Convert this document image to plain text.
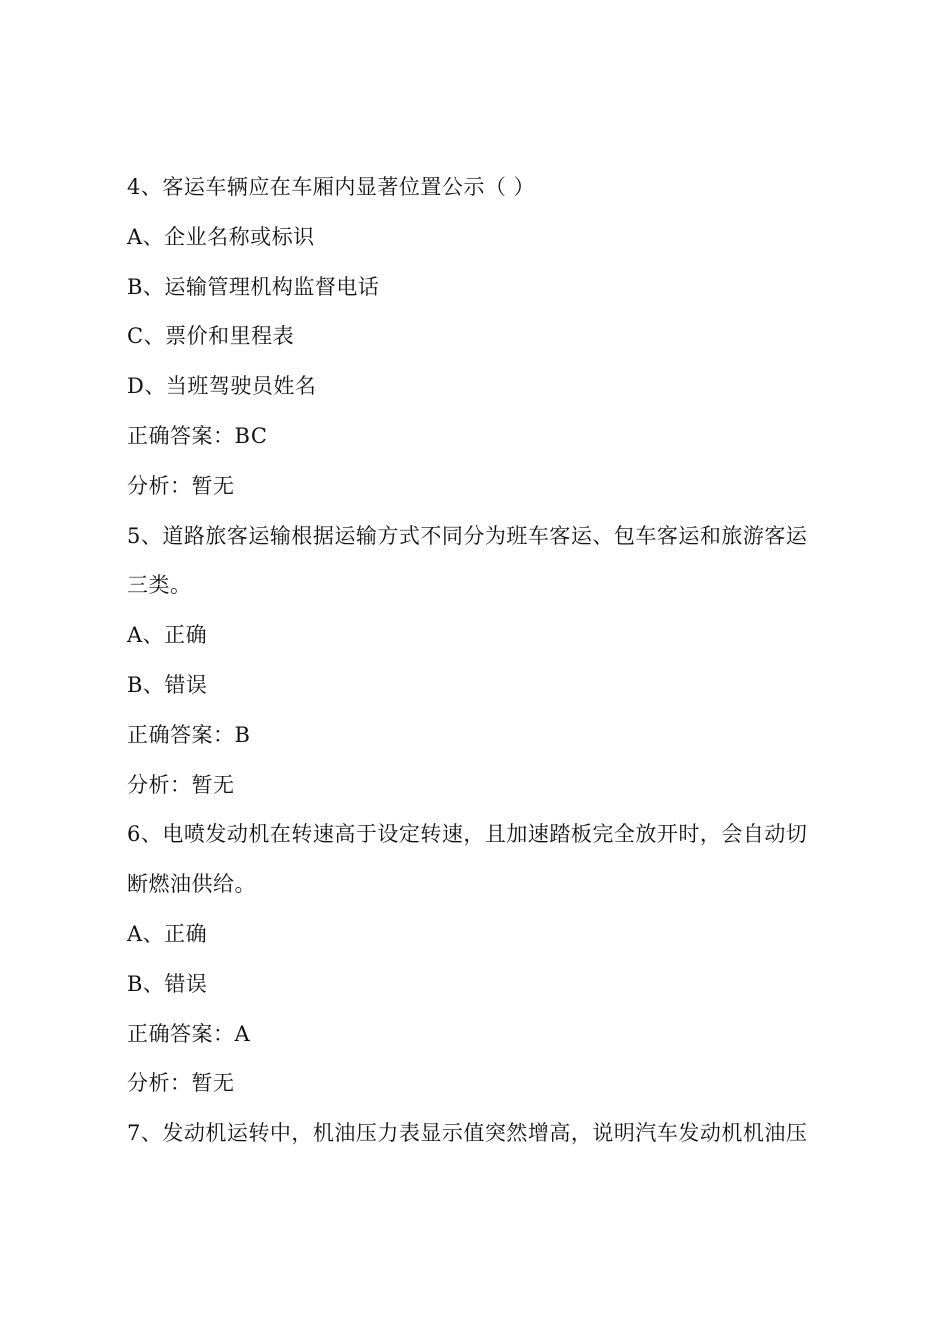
4、客运车辆应在车厢内显著位置公示（ ）
A、企业名称或标识
B、运输管理机构监督电话
C、票价和里程表
D、当班驾驶员姓名
正确答案：BC
分析：暂无
5、道路旅客运输根据运输方式不同分为班车客运、包车客运和旅游客运
三类。
A、正确
B、错误
正确答案：B
分析：暂无
6、电喷发动机在转速高于设定转速，且加速踏板完全放开时，会自动切
断燃油供给。
A、正确
B、错误
正确答案：A
分析：暂无
7、发动机运转中，机油压力表显示值突然增高，说明汽车发动机机油压
